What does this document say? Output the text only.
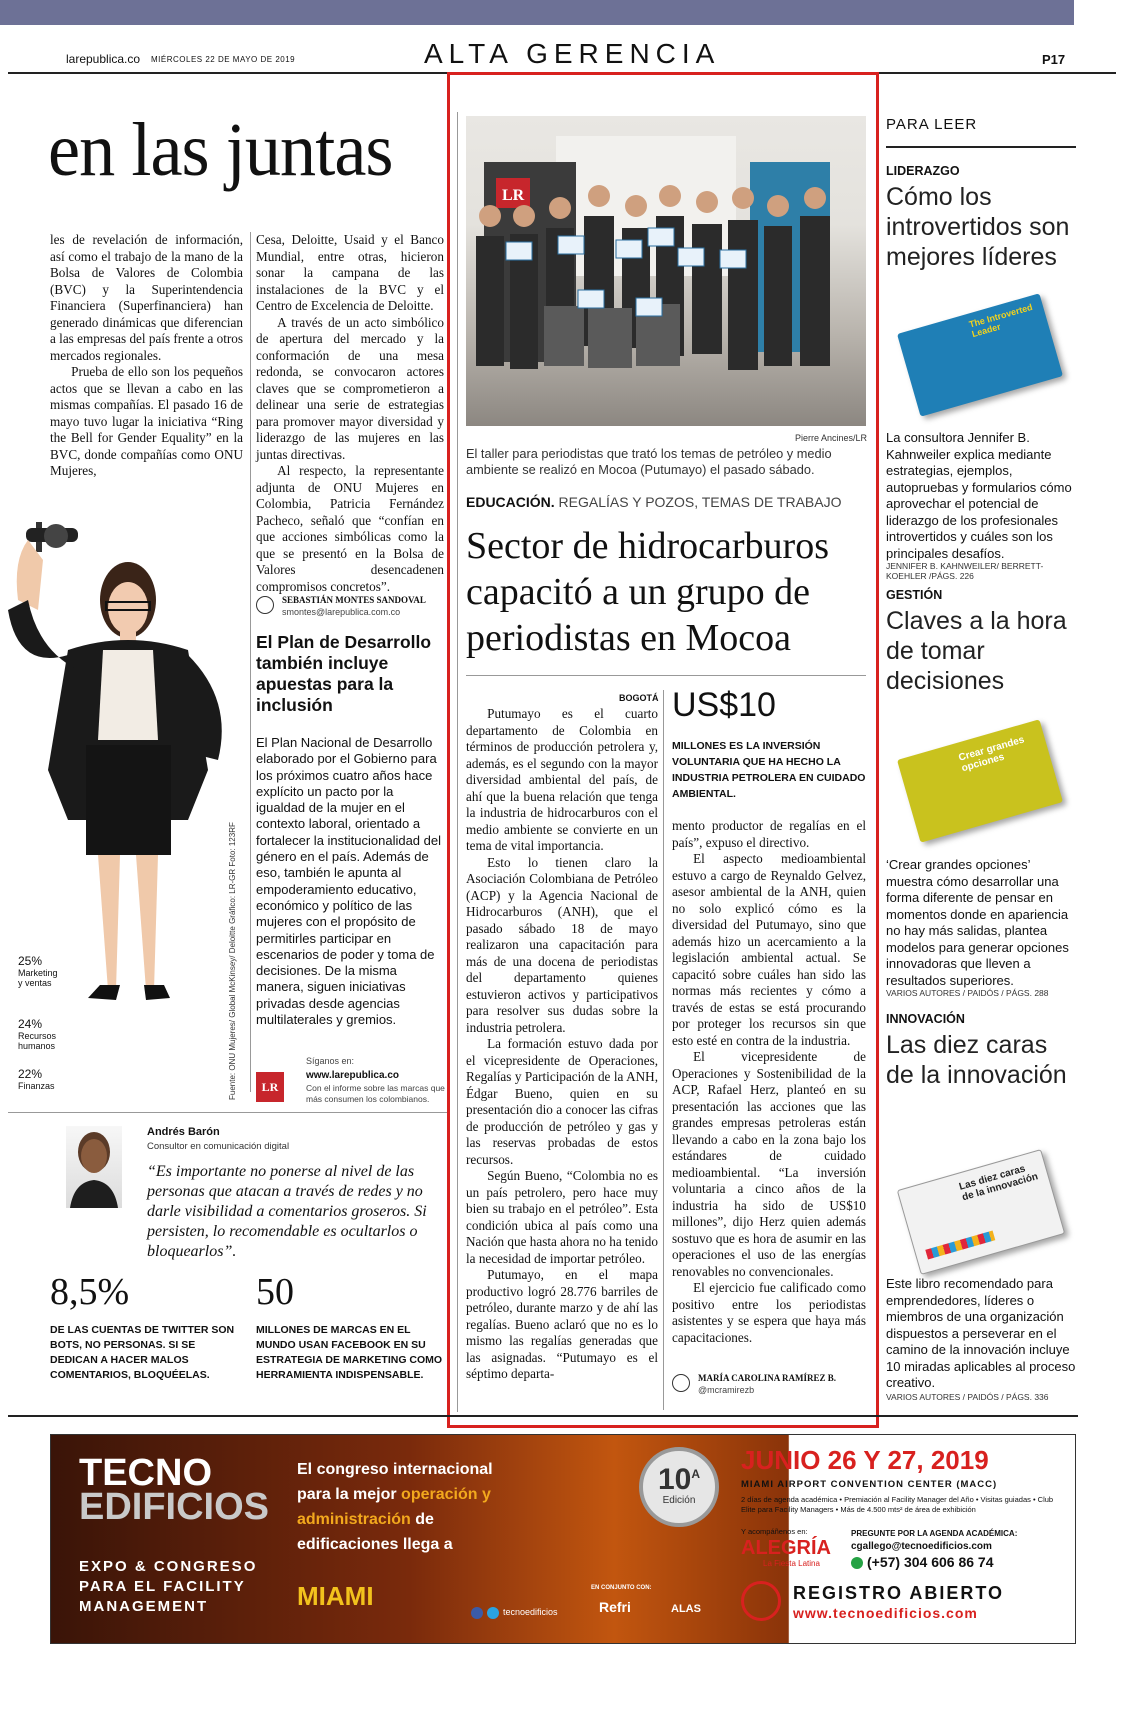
larepublica.co MIÉRCOLES 22 DE MAYO DE 2019	ALTA GERENCIA	P17
en las juntas

les de revelación de información, así como el trabajo de la mano de la Bolsa de Valores de Colombia (BVC) y la Superintendencia Financiera (Superfinanciera) han generado dinámicas que diferencian a las empresas del país frente a otros mercados regionales.

Prueba de ello son los pequeños actos que se llevan a cabo en las mismas compañías. El pasado 16 de mayo tuvo lugar la iniciativa “Ring the Bell for Gender Equality” en la BVC, donde compañías como ONU Mujeres,

Cesa, Deloitte, Usaid y el Banco Mundial, entre otras, hicieron sonar la campana de las instalaciones de la BVC y el Centro de Excelencia de Deloitte.

A través de un acto simbólico de apertura del mercado y la conformación de una mesa redonda, se convocaron actores claves que se comprometieron a delinear una serie de estrategias para promover mayor diversidad y liderazgo de las mujeres en las juntas directivas.

Al respecto, la representante adjunta de ONU Mujeres en Colombia, Patricia Fernández Pacheco, señaló que “confían en que acciones simbólicas como la que se presentó en la Bolsa de Valores desencadenen compromisos concretos”.

SEBASTIÁN MONTES SANDOVAL
smontes@larepublica.com.co
El Plan de Desarrollo también incluye apuestas para la inclusión
El Plan Nacional de Desarrollo elaborado por el Gobierno para los próximos cuatro años hace explícito un pacto por la igualdad de la mujer en el contexto laboral, orientado a fortalecer la institucionalidad del género en el país. Además de eso, también le apunta al empoderamiento educativo, económico y político de las mujeres con el propósito de permitirles participar en escenarios de poder y toma de decisiones. De la misma manera, siguen iniciativas privadas desde agencias multilaterales y gremios.
25%
Marketing y ventas
24%
Recursos humanos
22%
Finanzas	Fuente: ONU Mujeres/ Global McKinsey/ Deloitte Gráfico: LR-GR Foto: 123RF	LR
Síganos en:
www.larepublica.co
Con el informe sobre las marcas que más consumen los colombianos.
Andrés Barón
Consultor en comunicación digital
“Es importante no ponerse al nivel de las personas que atacan a través de redes y no darle visibilidad a comentarios groseros. Si persisten, lo recomendable es ocultarlos o bloquearlos”.
8,5%
DE LAS CUENTAS DE TWITTER SON BOTS, NO PERSONAS. SI SE DEDICAN A HACER MALOS COMENTARIOS, BLOQUÉELAS.
50
MILLONES DE MARCAS EN EL MUNDO USAN FACEBOOK EN SU ESTRATEGIA DE MARKETING COMO HERRAMIENTA INDISPENSABLE.
LR
Pierre Ancines/LR
El taller para periodistas que trató los temas de petróleo y medio ambiente se realizó en Mocoa (Putumayo) el pasado sábado.
EDUCACIÓN. REGALÍAS Y POZOS, TEMAS DE TRABAJO
Sector de hidrocarburos capacitó a un grupo de periodistas en Mocoa
BOGOTÁ

Putumayo es el cuarto departamento de Colombia en términos de producción petrolera y, además, es el segundo con la mayor diversidad ambiental del país, de ahí que la buena relación que tenga la industria de hidrocarburos con el medio ambiente se convierte en un tema de vital importancia.

Esto lo tienen claro la Asociación Colombiana de Petróleo (ACP) y la Agencia Nacional de Hidrocarburos (ANH), que el pasado sábado 18 de mayo realizaron una capacitación para más de una docena de periodistas del departamento quienes estuvieron activos y participativos para resolver sus dudas sobre la industria petrolera.

La formación estuvo dada por el vicepresidente de Operaciones, Regalías y Participación de la ANH, Édgar Bueno, quien en su presentación dio a conocer las cifras de producción de petróleo y gas y las reservas probadas de estos recursos.

Según Bueno, “Colombia no es un país petrolero, pero hace muy bien su trabajo en el petróleo”. Esta condición ubica al país como una Nación que hasta ahora no ha tenido la necesidad de importar petróleo.

Putumayo, en el mapa productivo logró 28.776 barriles de petróleo, durante marzo y de ahí las regalías. Bueno aclaró que no es lo mismo las regalías generadas que las asignadas. “Putumayo es el séptimo departa-

US$10
MILLONES ES LA INVERSIÓN VOLUNTARIA QUE HA HECHO LA INDUSTRIA PETROLERA EN CUIDADO AMBIENTAL.

mento productor de regalías en el país”, expuso el directivo.

El aspecto medioambiental estuvo a cargo de Reynaldo Gelvez, asesor ambiental de la ANH, quien no solo explicó cómo es la diversidad del Putumayo, sino que además hizo un acercamiento a la legislación ambiental actual. Se capacitó sobre cuáles han sido las normas más recientes y cómo a través de estas se está procurando por proteger los recursos sin que esto esté en contra de la industria.

El vicepresidente de Operaciones y Sostenibilidad de la ACP, Rafael Herz, planteó en su presentación las acciones que las grandes empresas petroleras están llevando a cabo en la zona bajo los estándares de cuidado medioambiental. “La inversión voluntaria a cinco años de la industria ha sido de US$10 millones”, dijo Herz quien además sostuvo que es hora de asumir en las operaciones el uso de las energías renovables no convencionales.

El ejercicio fue calificado como positivo entre los periodistas asistentes y se espera que haya más capacitaciones.

MARÍA CAROLINA RAMÍREZ B.
@mcramirezb
PARA LEER
LIDERAZGO
Cómo los introvertidos son mejores líderes
The Introverted Leader
La consultora Jennifer B. Kahnweiler explica mediante estrategias, ejemplos, autopruebas y formularios cómo aprovechar el potencial de liderazgo de los profesionales introvertidos y cuáles son los principales desafíos.
JENNIFER B. KAHNWEILER/ BERRETT-KOEHLER /PÁGS. 226
GESTIÓN
Claves a la hora de tomar decisiones
Crear grandes opciones
‘Crear grandes opciones’ muestra cómo desarrollar una forma diferente de pensar en momentos donde en apariencia no hay más salidas, plantea modelos para generar opciones innovadoras que lleven a resultados superiores.
VARIOS AUTORES / PAIDÓS / PÁGS. 288
INNOVACIÓN
Las diez caras de la innovación
Las diez caras de la innovación
Este libro recomendado para emprendedores, líderes o miembros de una organización dispuestos a perseverar en el camino de la innovación incluye 10 miradas aplicables al proceso creativo.
VARIOS AUTORES / PAIDÓS / PÁGS. 336
TECNO
EDIFICIOS
EXPO & CONGRESO PARA EL FACILITY MANAGEMENT
El congreso internacional para la mejor operación y administración de edificaciones llega a
MIAMI
$10^A$
Edición
tecnoedificios
EN CONJUNTO CON:
Refri	ALAS
JUNIO 26 Y 27, 2019
MIAMI AIRPORT CONVENTION CENTER (MACC)
2 días de agenda académica • Premiación al Facility Manager del Año • Visitas guiadas • Club Elite para Facility Managers • Más de 4.500 mts² de área de exhibición
Y acompáñenos en:
ALEGRÍA
La Fiesta Latina
PREGUNTE POR LA AGENDA ACADÉMICA:
cgallego@tecnoedificios.com
(+57) 304 606 86 74
REGISTRO ABIERTO
www.tecnoedificios.com
